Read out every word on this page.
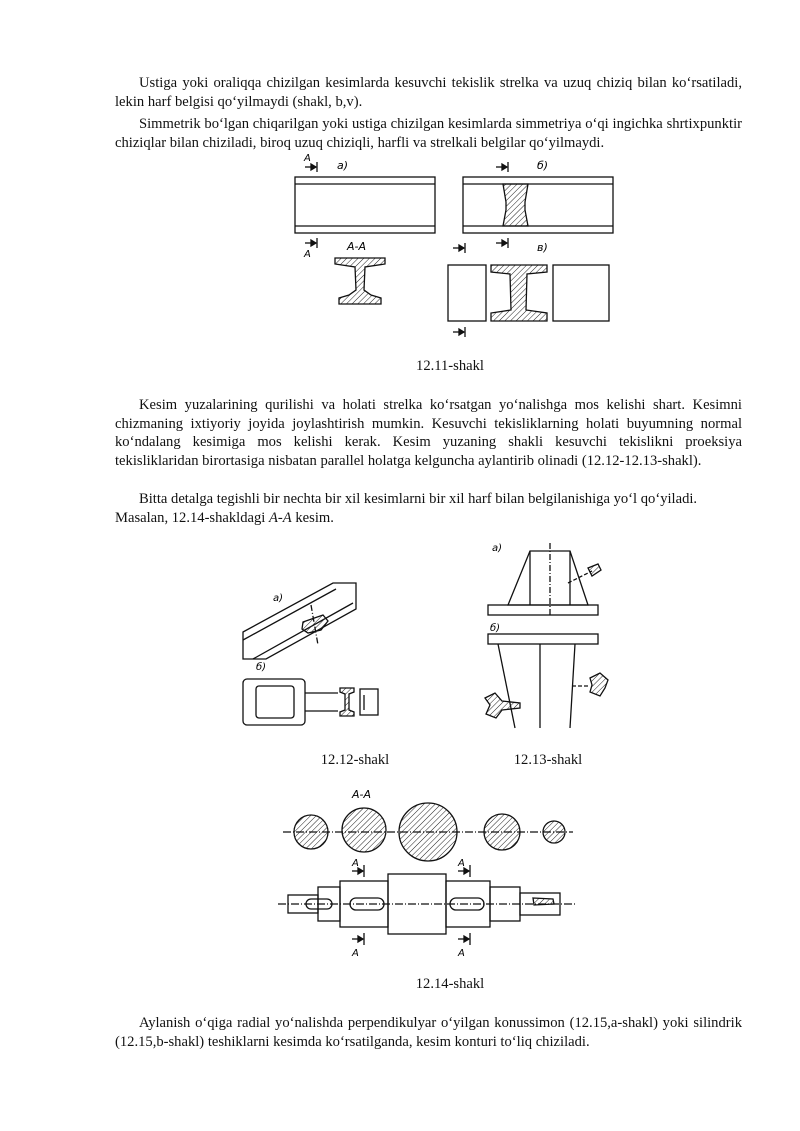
Ustiga yoki oraliqqa chizilgan kesimlarda kesuvchi tekislik strelka va uzuq chiziq bilan ko‘rsatiladi, lekin harf belgisi qo‘yilmaydi (shakl, b,v).

Simmetrik bo‘lgan chiqarilgan yoki ustiga chizilgan kesimlarda simmetriya o‘qi ingichka shrtixpunktir chiziqlar bilan chiziladi, biroq uzuq chiziqli, harfli va strelkali belgilar qo‘yilmaydi.

a)	б)
в)
A
A
A-A
12.11-shakl

Kesim yuzalarining qurilishi va holati strelka ko‘rsatgan yo‘nalishga mos kelishi shart. Kesimni chizmaning ixtiyoriy joyida joylashtirish mumkin. Kesuvchi tekisliklarning holati buyumning normal ko‘ndalang kesimiga mos kelishi kerak. Kesim yuzaning shakli kesuvchi tekislikni proeksiya tekisliklaridan birortasiga nisbatan parallel holatga kelguncha aylantirib olinadi (12.12-12.13-shakl).

Bitta detalga tegishli bir nechta bir xil kesimlarni bir xil harf bilan belgilanishiga yo‘l qo‘yiladi.

Masalan, 12.14-shakldagi A-A kesim.

a)
б)
a)
б)
12.12-shakl	12.13-shakl
A-A
A	A
A	A
12.14-shakl

Aylanish o‘qiga radial yo‘nalishda perpendikulyar o‘yilgan konussimon (12.15,a-shakl) yoki silindrik (12.15,b-shakl) teshiklarni kesimda ko‘rsatilganda, kesim konturi to‘liq chiziladi.
